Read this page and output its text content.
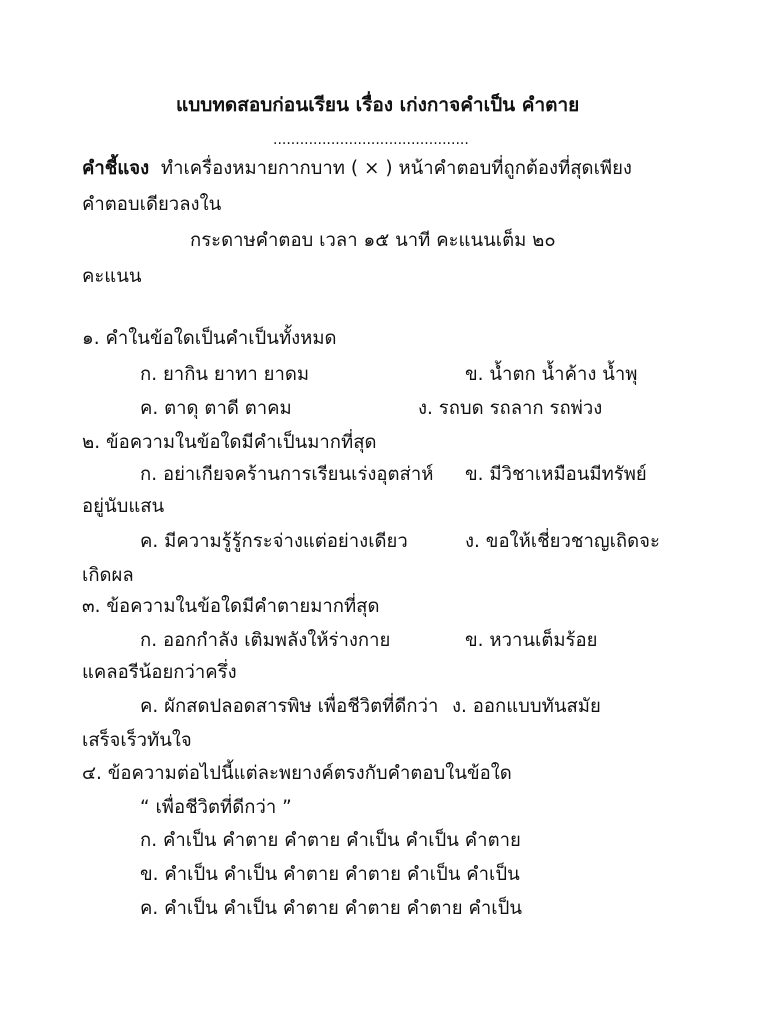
แบบทดสอบก่อนเรียน เรื่อง เก่งกาจคำเป็น คำตาย
............................................
คำชี้แจง ทำเครื่องหมายกากบาท ( × ) หน้าคำตอบที่ถูกต้องที่สุดเพียง
คำตอบเดียวลงใน
กระดาษคำตอบ เวลา ๑๕ นาที คะแนนเต็ม ๒๐
คะแนน
๑. คำในข้อใดเป็นคำเป็นทั้งหมด
ก. ยากิน ยาทา ยาดม	ข. น้ำตก น้ำค้าง น้ำพุ
ค. ตาดุ ตาดี ตาคม	ง. รถบด รถลาก รถพ่วง
๒. ข้อความในข้อใดมีคำเป็นมากที่สุด
ก. อย่าเกียจคร้านการเรียนเร่งอุตส่าห์ ข. มีวิชาเหมือนมีทรัพย์
อยู่นับแสน
ค. มีความรู้รู้กระจ่างแต่อย่างเดียว	ง. ขอให้เชี่ยวชาญเถิดจะ
เกิดผล
๓. ข้อความในข้อใดมีคำตายมากที่สุด
ก. ออกกำลัง เติมพลังให้ร่างกาย	ข. หวานเต็มร้อย
แคลอรีน้อยกว่าครึ่ง
ค. ผักสดปลอดสารพิษ เพื่อชีวิตที่ดีกว่า ง. ออกแบบทันสมัย
เสร็จเร็วทันใจ
๔. ข้อความต่อไปนี้แต่ละพยางค์ตรงกับคำตอบในข้อใด
“ เพื่อชีวิตที่ดีกว่า ”
ก. คำเป็น คำตาย คำตาย คำเป็น คำเป็น คำตาย
ข. คำเป็น คำเป็น คำตาย คำตาย คำเป็น คำเป็น
ค. คำเป็น คำเป็น คำตาย คำตาย คำตาย คำเป็น
